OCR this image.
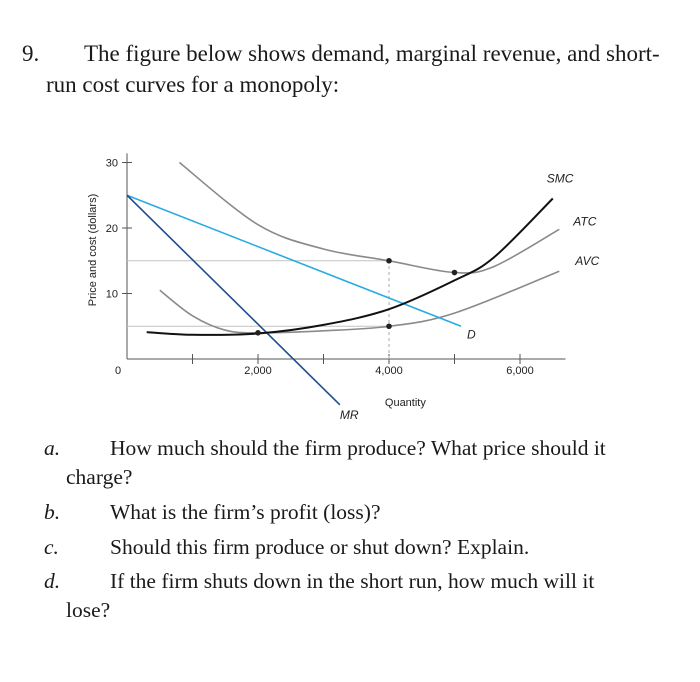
9. The figure below shows demand, marginal revenue, and short-
run cost curves for a monopoly:
10
20
30
0	2,000	4,000	6,000
Quantity
Price and cost (dollars)	ATC
AVC
D
MR
SMC
a. How much should the firm produce? What price should it
charge?
b. What is the firm’s profit (loss)?
c. Should this firm produce or shut down? Explain.
d. If the firm shuts down in the short run, how much will it
lose?
